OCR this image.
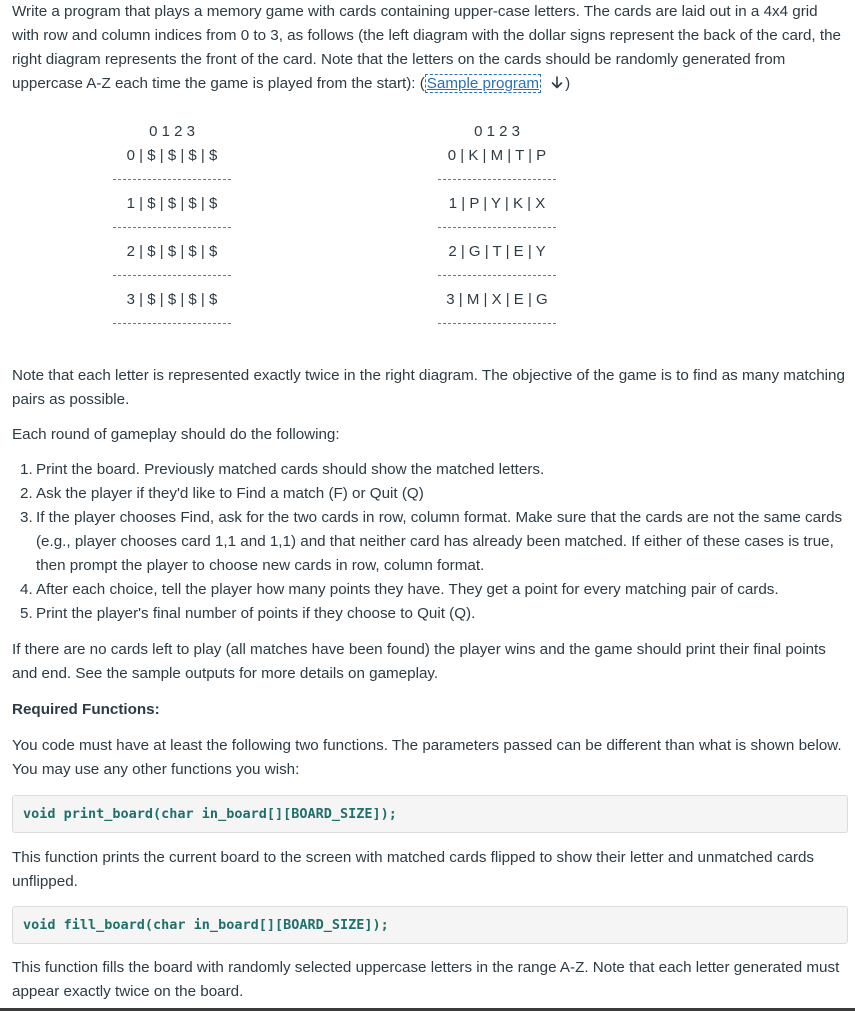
Write a program that plays a memory game with cards containing upper-case letters. The cards are laid out in a 4x4 grid with row and column indices from 0 to 3, as follows (the left diagram with the dollar signs represent the back of the card, the right diagram represents the front of the card. Note that the letters on the cards should be randomly generated from uppercase A-Z each time the game is played from the start): ( Sample program )

0 1 2 3
0 | $ | $ | $ | $
1 | $ | $ | $ | $
2 | $ | $ | $ | $
3 | $ | $ | $ | $
0 1 2 3
0 | K | M | T | P
1 | P | Y | K | X
2 | G | T | E | Y
3 | M | X | E | G

Note that each letter is represented exactly twice in the right diagram. The objective of the game is to find as many matching pairs as possible.

Each round of gameplay should do the following:

1. Print the board. Previously matched cards should show the matched letters.
2. Ask the player if they'd like to Find a match (F) or Quit (Q)
3. If the player chooses Find, ask for the two cards in row, column format. Make sure that the cards are not the same cards (e.g., player chooses card 1,1 and 1,1) and that neither card has already been matched. If either of these cases is true, then prompt the player to choose new cards in row, column format.
4. After each choice, tell the player how many points they have. They get a point for every matching pair of cards.
5. Print the player's final number of points if they choose to Quit (Q).

If there are no cards left to play (all matches have been found) the player wins and the game should print their final points and end. See the sample outputs for more details on gameplay.

Required Functions:

You code must have at least the following two functions. The parameters passed can be different than what is shown below. You may use any other functions you wish:

void print_board(char in_board[][BOARD_SIZE]);

This function prints the current board to the screen with matched cards flipped to show their letter and unmatched cards unflipped.

void fill_board(char in_board[][BOARD_SIZE]);

This function fills the board with randomly selected uppercase letters in the range A-Z. Note that each letter generated must appear exactly twice on the board.
